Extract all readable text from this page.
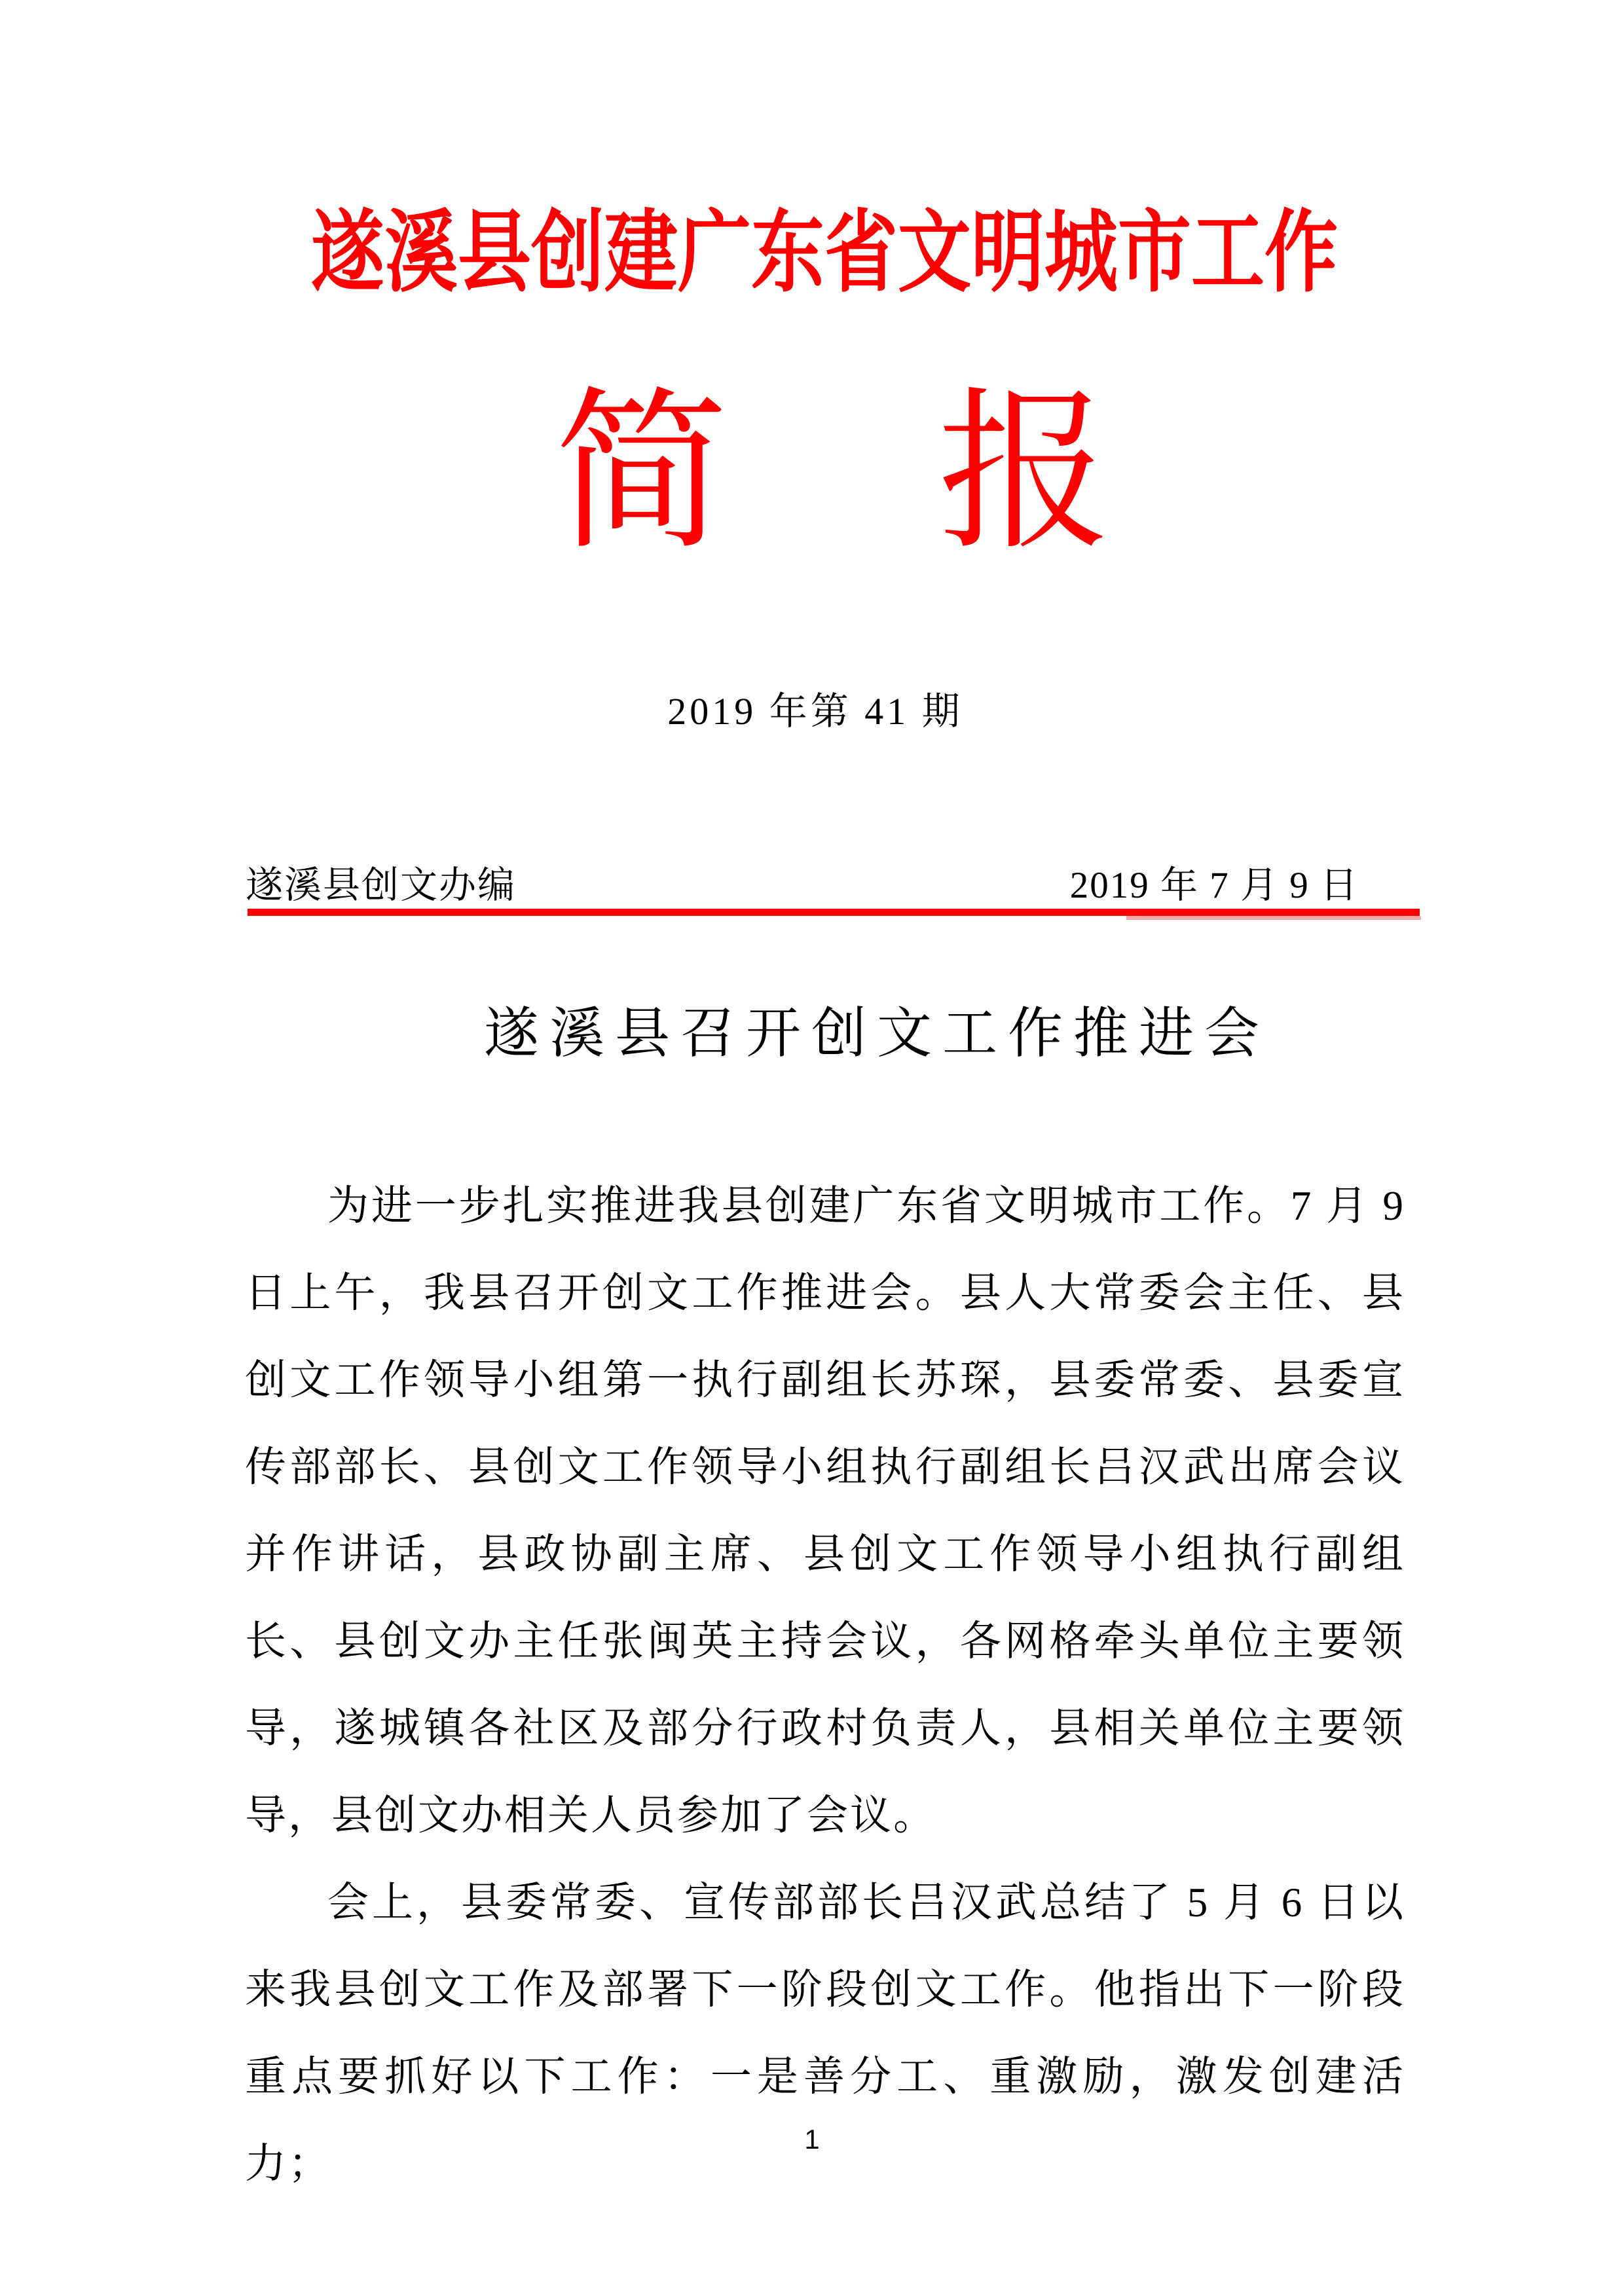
遂溪县创建广东省文明城市工作
简 报
2019 年第 41 期
遂溪县创文办编	2019 年 7 月 9 日
遂溪县召开创文工作推进会

为进一步扎实推进我县创建广东省文明城市工作。7 月 9 日上午，我县召开创文工作推进会。县人大常委会主任、县创文工作领导小组第一执行副组长苏琛，县委常委、县委宣传部部长、县创文工作领导小组执行副组长吕汉武出席会议并作讲话，县政协副主席、县创文工作领导小组执行副组长、县创文办主任张闽英主持会议，各网格牵头单位主要领导，遂城镇各社区及部分行政村负责人，县相关单位主要领导，县创文办相关人员参加了会议。

会上，县委常委、宣传部部长吕汉武总结了 5 月 6 日以来我县创文工作及部署下一阶段创文工作。他指出下一阶段重点要抓好以下工作：一是善分工、重激励，激发创建活力；

1
